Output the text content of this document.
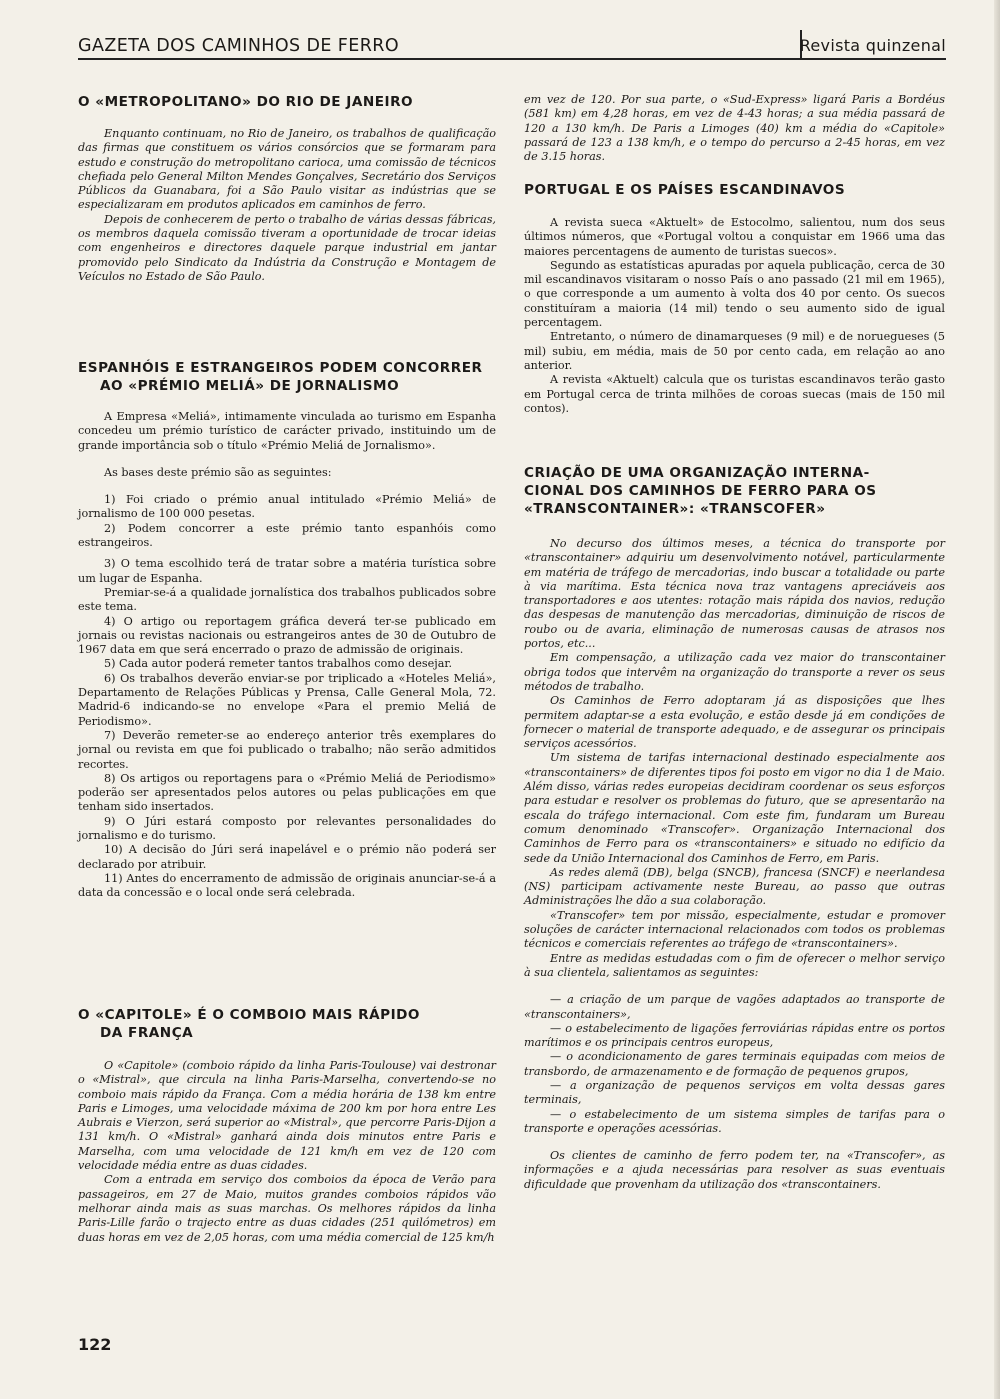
GAZETA DOS CAMINHOS DE FERRO	Revista quinzenal
O «METROPOLITANO» DO RIO DE JANEIRO

Enquanto continuam, no Rio de Janeiro, os trabalhos de qualificação das firmas que constituem os vários consórcios que se formaram para estudo e construção do metropolitano carioca, uma comissão de técnicos chefiada pelo General Milton Mendes Gonçalves, Secretário dos Serviços Públicos da Guanabara, foi a São Paulo visitar as indústrias que se especializaram em produtos aplicados em caminhos de ferro.

Depois de conhecerem de perto o trabalho de várias dessas fábricas, os membros daquela comissão tiveram a oportunidade de trocar ideias com engenheiros e directores daquele parque industrial em jantar promovido pelo Sindicato da Indústria da Construção e Montagem de Veículos no Estado de São Paulo.

ESPANHÓIS E ESTRANGEIROS PODEM CONCORRER
AO «PRÉMIO MELIÁ» DE JORNALISMO

A Empresa «Meliá», intimamente vinculada ao turismo em Espanha concedeu um prémio turístico de carácter privado, instituindo um de grande importância sob o título «Prémio Meliá de Jornalismo».

As bases deste prémio são as seguintes:

1) Foi criado o prémio anual intitulado «Prémio Meliá» de jornalismo de 100 000 pesetas.

2) Podem concorrer a este prémio tanto espanhóis como estrangeiros.

3) O tema escolhido terá de tratar sobre a matéria turística sobre um lugar de Espanha.

Premiar-se-á a qualidade jornalística dos trabalhos publicados sobre este tema.

4) O artigo ou reportagem gráfica deverá ter-se publicado em jornais ou revistas nacionais ou estrangeiros antes de 30 de Outubro de 1967 data em que será encerrado o prazo de admissão de originais.

5) Cada autor poderá remeter tantos trabalhos como desejar.

6) Os trabalhos deverão enviar-se por triplicado a «Hoteles Meliá», Departamento de Relações Públicas y Prensa, Calle General Mola, 72. Madrid-6 indicando-se no envelope «Para el premio Meliá de Periodismo».

7) Deverão remeter-se ao endereço anterior três exemplares do jornal ou revista em que foi publicado o trabalho; não serão admitidos recortes.

8) Os artigos ou reportagens para o «Prémio Meliá de Periodismo» poderão ser apresentados pelos autores ou pelas publicações em que tenham sido insertados.

9) O Júri estará composto por relevantes personalidades do jornalismo e do turismo.

10) A decisão do Júri será inapelável e o prémio não poderá ser declarado por atribuir.

11) Antes do encerramento de admissão de originais anunciar-se-á a data da concessão e o local onde será celebrada.

O «CAPITOLE» É O COMBOIO MAIS RÁPIDO
DA FRANÇA

O «Capitole» (comboio rápido da linha Paris-Toulouse) vai destronar o «Mistral», que circula na linha Paris-Marselha, convertendo-se no comboio mais rápido da França. Com a média horária de 138 km entre Paris e Limoges, uma velocidade máxima de 200 km por hora entre Les Aubrais e Vierzon, será superior ao «Mistral», que percorre Paris-Dijon a 131 km/h. O «Mistral» ganhará ainda dois minutos entre Paris e Marselha, com uma velocidade de 121 km/h em vez de 120 com velocidade média entre as duas cidades.

Com a entrada em serviço dos comboios da época de Verão para passageiros, em 27 de Maio, muitos grandes comboios rápidos vão melhorar ainda mais as suas marchas. Os melhores rápidos da linha Paris-Lille farão o trajecto entre as duas cidades (251 quilómetros) em duas horas em vez de 2,05 horas, com uma média comercial de 125 km/h

122

em vez de 120. Por sua parte, o «Sud-Express» ligará Paris a Bordéus (581 km) em 4,28 horas, em vez de 4-43 horas; a sua média passará de 120 a 130 km/h. De Paris a Limoges (40) km a média do «Capitole» passará de 123 a 138 km/h, e o tempo do percurso a 2-45 horas, em vez de 3.15 horas.

PORTUGAL E OS PAÍSES ESCANDINAVOS

A revista sueca «Aktuelt» de Estocolmo, salientou, num dos seus últimos números, que «Portugal voltou a conquistar em 1966 uma das maiores percentagens de aumento de turistas suecos».

Segundo as estatísticas apuradas por aquela publicação, cerca de 30 mil escandinavos visitaram o nosso País o ano passado (21 mil em 1965), o que corresponde a um aumento à volta dos 40 por cento. Os suecos constituíram a maioria (14 mil) tendo o seu aumento sido de igual percentagem.

Entretanto, o número de dinamarqueses (9 mil) e de noruegueses (5 mil) subiu, em média, mais de 50 por cento cada, em relação ao ano anterior.

A revista «Aktuelt) calcula que os turistas escandinavos terão gasto em Portugal cerca de trinta milhões de coroas suecas (mais de 150 mil contos).

CRIAÇÃO DE UMA ORGANIZAÇÃO INTERNA-
CIONAL DOS CAMINHOS DE FERRO PARA OS
«TRANSCONTAINER»: «TRANSCOFER»

No decurso dos últimos meses, a técnica do transporte por «transcontainer» adquiriu um desenvolvimento notável, particularmente em matéria de tráfego de mercadorias, indo buscar a totalidade ou parte à via marítima. Esta técnica nova traz vantagens apreciáveis aos transportadores e aos utentes: rotação mais rápida dos navios, redução das despesas de manutenção das mercadorias, diminuição de riscos de roubo ou de avaria, eliminação de numerosas causas de atrasos nos portos, etc...

Em compensação, a utilização cada vez maior do transcontainer obriga todos que intervêm na organização do transporte a rever os seus métodos de trabalho.

Os Caminhos de Ferro adoptaram já as disposições que lhes permitem adaptar-se a esta evolução, e estão desde já em condições de fornecer o material de transporte adequado, e de assegurar os principais serviços acessórios.

Um sistema de tarifas internacional destinado especialmente aos «transcontainers» de diferentes tipos foi posto em vigor no dia 1 de Maio. Além disso, várias redes europeias decidiram coordenar os seus esforços para estudar e resolver os problemas do futuro, que se apresentarão na escala do tráfego internacional. Com este fim, fundaram um Bureau comum denominado «Transcofer». Organização Internacional dos Caminhos de Ferro para os «transcontainers» e situado no edifício da sede da União Internacional dos Caminhos de Ferro, em Paris.

As redes alemã (DB), belga (SNCB), francesa (SNCF) e neerlandesa (NS) participam activamente neste Bureau, ao passo que outras Administrações lhe dão a sua colaboração.

«Transcofer» tem por missão, especialmente, estudar e promover soluções de carácter internacional relacionados com todos os problemas técnicos e comerciais referentes ao tráfego de «transcontainers».

Entre as medidas estudadas com o fim de oferecer o melhor serviço à sua clientela, salientamos as seguintes:

— a criação de um parque de vagões adaptados ao transporte de «transcontainers»,

— o estabelecimento de ligações ferroviárias rápidas entre os portos marítimos e os principais centros europeus,

— o acondicionamento de gares terminais equipadas com meios de transbordo, de armazenamento e de formação de pequenos grupos,

— a organização de pequenos serviços em volta dessas gares terminais,

— o estabelecimento de um sistema simples de tarifas para o transporte e operações acessórias.

Os clientes de caminho de ferro podem ter, na «Transcofer», as informações e a ajuda necessárias para resolver as suas eventuais dificuldade que provenham da utilização dos «transcontainers.
